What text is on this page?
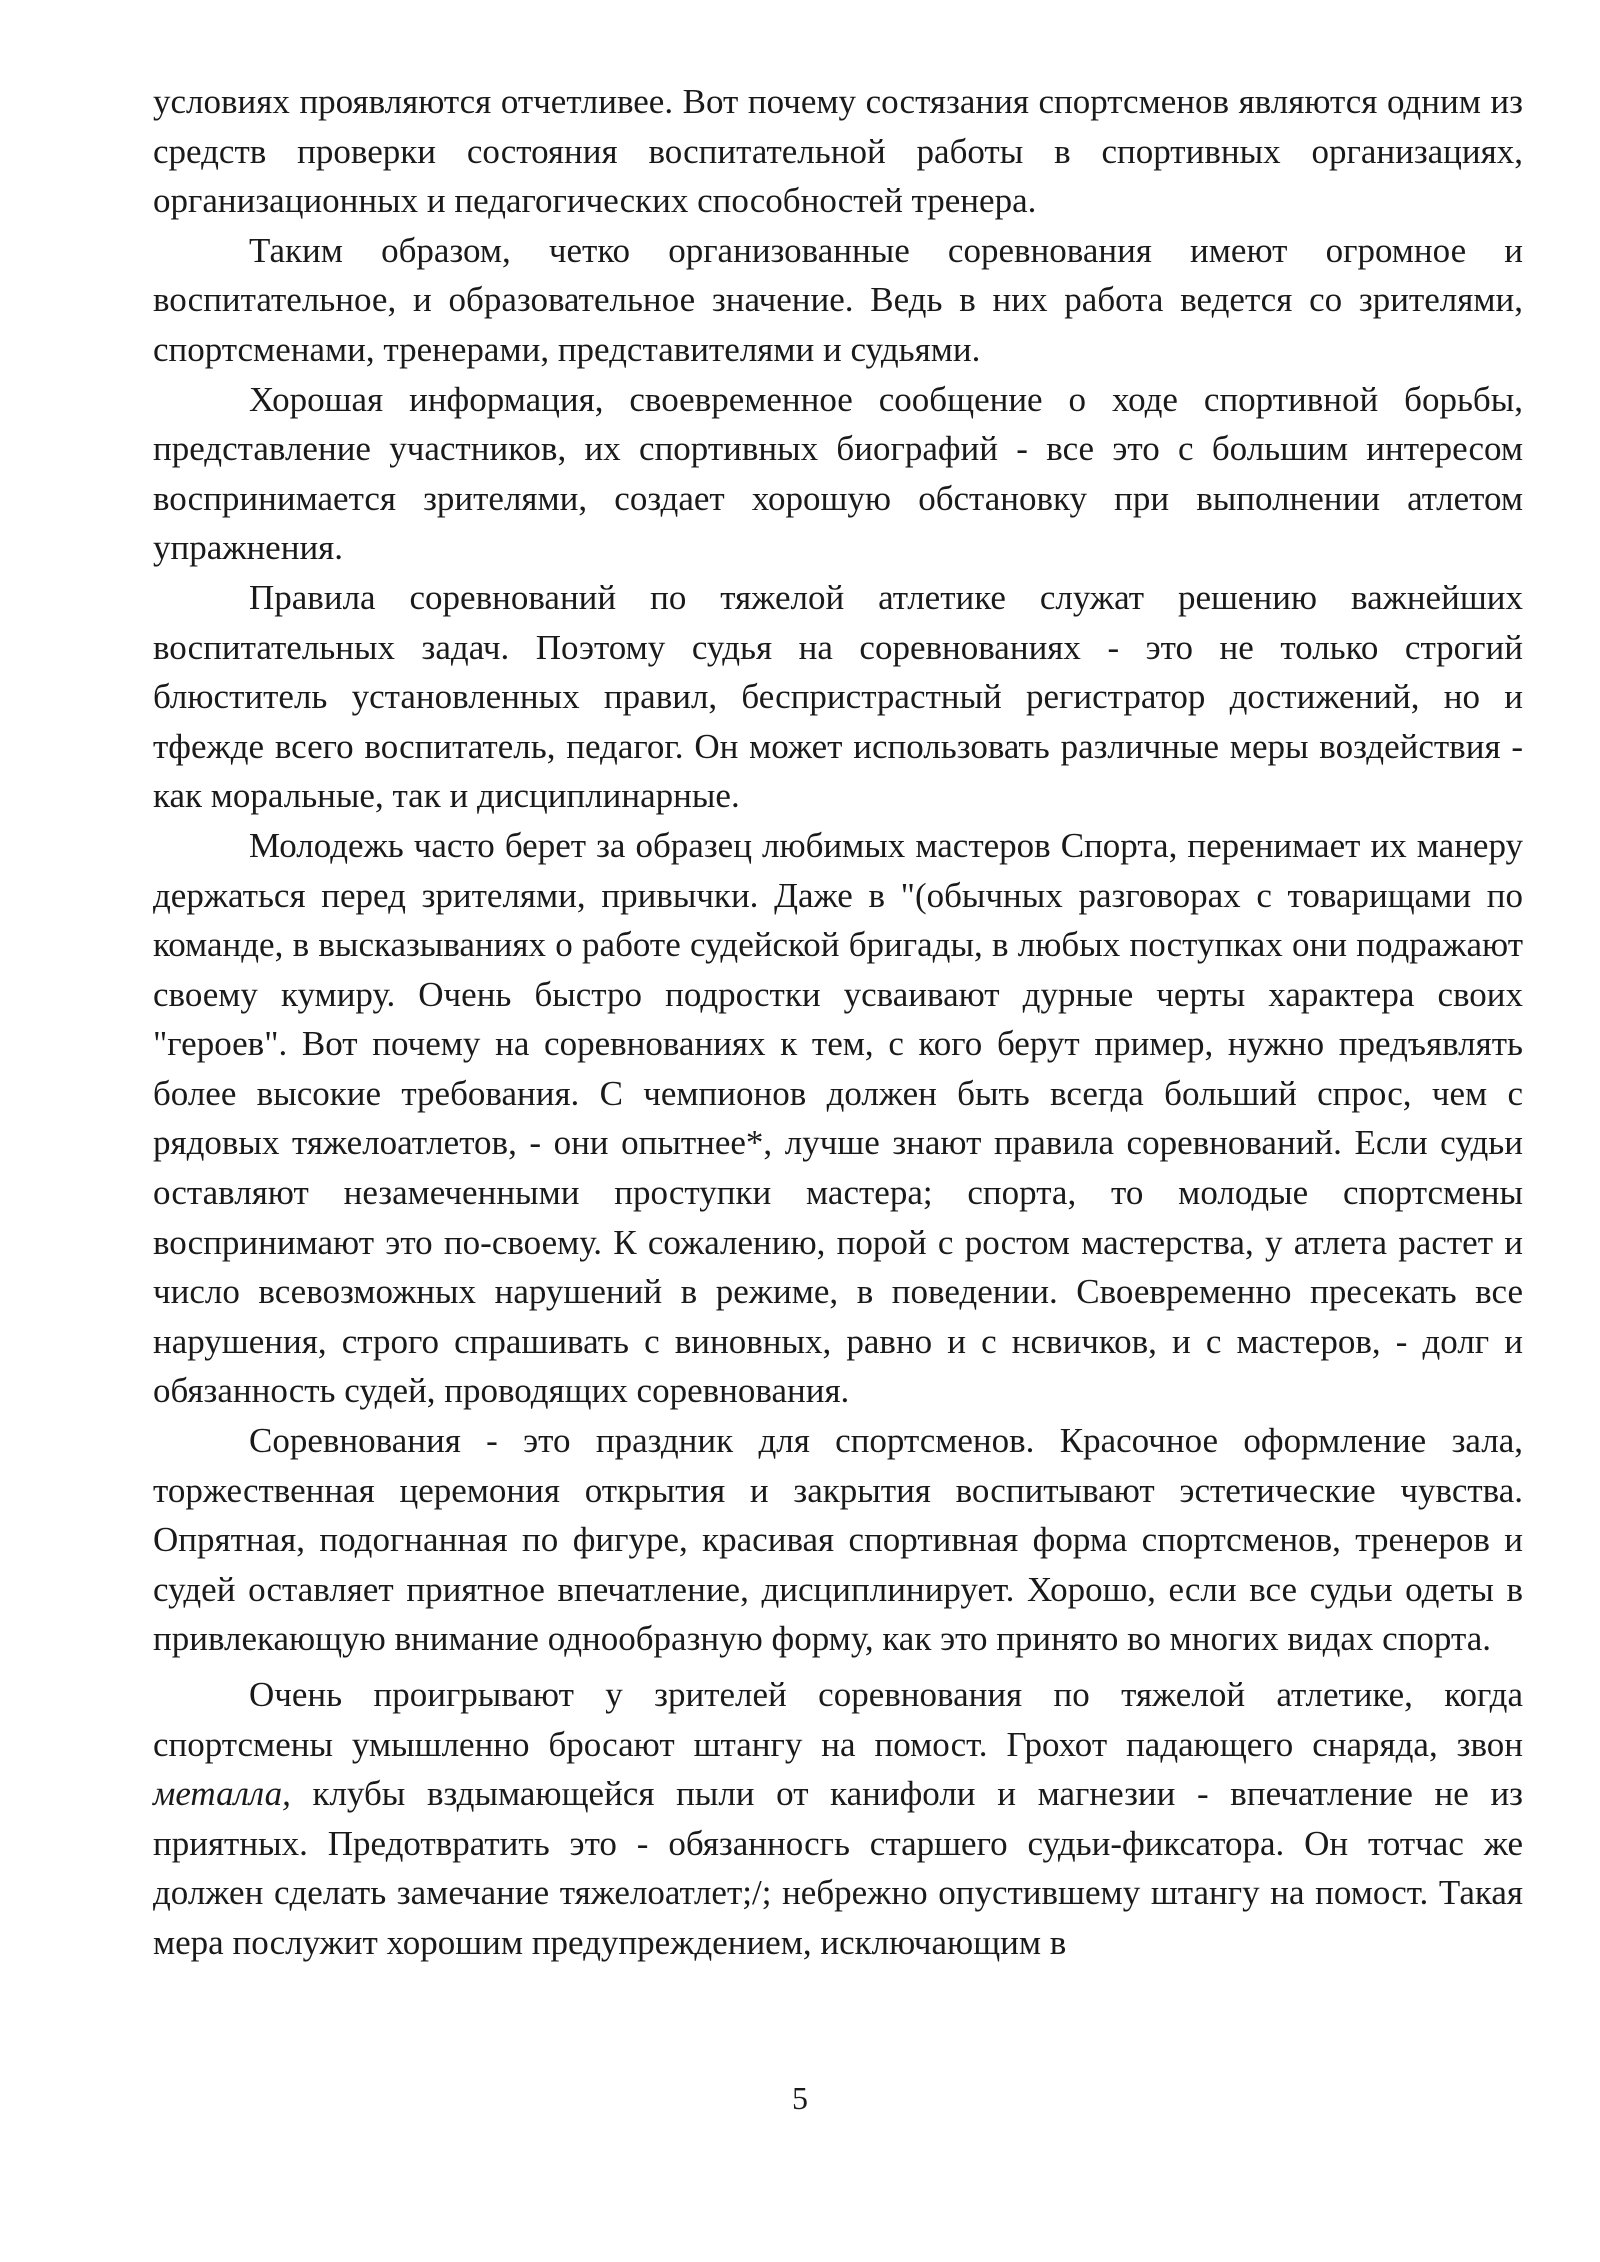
условиях проявляются отчетливее. Вот почему состязания спортсменов являются одним из средств проверки состояния воспитательной работы в спортивных организациях, организационных и педагогических способностей тренера.

Таким образом, четко организованные соревнования имеют огромное и воспитательное, и образовательное значение. Ведь в них работа ведется со зрителями, спортсменами, тренерами, представителями и судьями.

Хорошая информация, своевременное сообщение о ходе спортивной борьбы, представление участников, их спортивных биографий - все это с большим интересом воспринимается зрителями, создает хорошую обстановку при выполнении атлетом упражнения.

Правила соревнований по тяжелой атлетике служат решению важнейших воспитательных задач. Поэтому судья на соревнованиях - это не только строгий блюститель установленных правил, беспристрастный регистратор достижений, но и тфежде всего воспитатель, педагог. Он может использовать различные меры воздействия - как моральные, так и дисциплинарные.

Молодежь часто берет за образец любимых мастеров Спорта, перенимает их манеру держаться перед зрителями, привычки. Даже в "(обычных разговорах с товарищами по команде, в высказываниях о работе судейской бригады, в любых поступках они подражают своему кумиру. Очень быстро подростки усваивают дурные черты характера своих "героев". Вот почему на соревнованиях к тем, с кого берут пример, нужно предъявлять более высокие требования. С чемпионов должен быть всегда больший спрос, чем с рядовых тяжелоатлетов, - они опытнее*, лучше знают правила соревнований. Если судьи оставляют незамеченными проступки мастера; спорта, то молодые спортсмены воспринимают это по-своему. К сожалению, порой с ростом мастерства, у атлета растет и число всевозможных нарушений в режиме, в поведении. Своевременно пресекать все нарушения, строго спрашивать с виновных, равно и с нсвичков, и с мастеров, - долг и обязанность судей, проводящих соревнования.

Соревнования - это праздник для спортсменов. Красочное оформление зала, торжественная церемония открытия и закрытия воспитывают эстетические чувства. Опрятная, подогнанная по фигуре, красивая спортивная форма спортсменов, тренеров и судей оставляет приятное впечатление, дисциплинирует. Хорошо, если все судьи одеты в привлекающую внимание однообразную форму, как это принято во многих видах спорта.

Очень проигрывают у зрителей соревнования по тяжелой атлетике, когда спортсмены умышленно бросают штангу на помост. Грохот падающего снаряда, звон металла, клубы вздымающейся пыли от канифоли и магнезии - впечатление не из приятных. Предотвратить это - обязанносгь старшего судьи-фиксатора. Он тотчас же должен сделать замечание тяжелоатлет;/; небрежно опустившему штангу на помост. Такая мера послужит хорошим предупреждением, исключающим в

5
